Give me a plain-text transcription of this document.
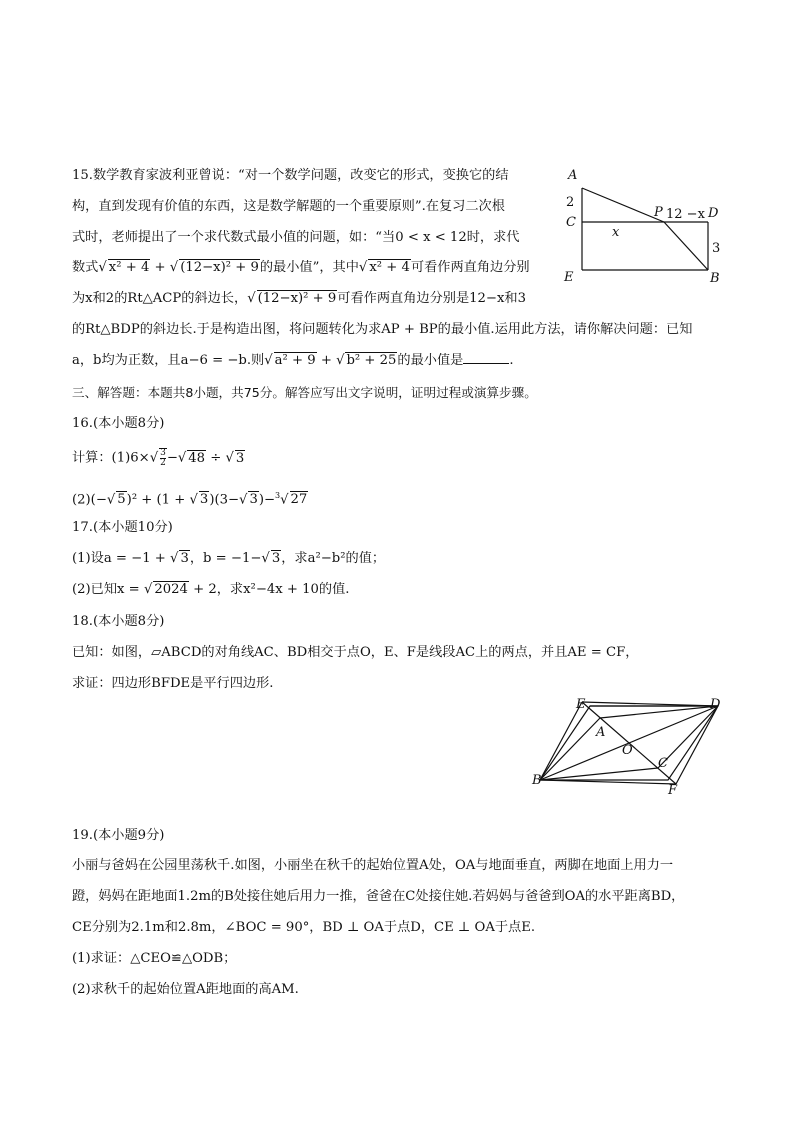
15.数学教育家波利亚曾说：“对一个数学问题，改变它的形式，变换它的结
构，直到发现有价值的东西，这是数学解题的一个重要原则”.在复习二次根
式时，老师提出了一个求代数式最小值的问题，如：“当0 < x < 12时，求代
数式√ x² + 4 + √ (12−x)² + 9的最小值”，其中√ x² + 4可看作两直角边分别
为x和2的Rt△ACP的斜边长，√ (12−x)² + 9可看作两直角边分别是12−x和3
的Rt△BDP的斜边长.于是构造出图，将问题转化为求AP + BP的最小值.运用此方法，请你解决问题：已知
a，b均为正数，且a−6 = −b.则√ a² + 9 + √ b² + 25的最小值是	.
A
2
C
E
P 12 −x D
x
3
B
三、解答题：本题共8小题，共75分。解答应写出文字说明，证明过程或演算步骤。
16.(本小题8分)
计算：$(1)6\times√ \frac{3}{2}$ −√ 48 ÷ √ 3
(2)(−√ 5)² + (1 + √ 3)(3−√ 3)−$^3$√ 27
17.(本小题10分)
(1)设a = −1 + √ 3，b = −1−√ 3，求a²−b²的值；
(2)已知x = √ 2024 + 2，求x²−4x + 10的值.
18.(本小题8分)
已知：如图，▱ABCD的对角线AC、BD相交于点O，E、F是线段AC上的两点，并且AE = CF，
求证：四边形BFDE是平行四边形.
E	D
A
O
C
B
F
19.(本小题9分)
小丽与爸妈在公园里荡秋千.如图，小丽坐在秋千的起始位置A处，OA与地面垂直，两脚在地面上用力一
蹬，妈妈在距地面1.2m的B处接住她后用力一推，爸爸在C处接住她.若妈妈与爸爸到OA的水平距离BD，
CE分别为2.1m和2.8m，∠BOC = 90°，BD ⊥ OA于点D，CE ⊥ OA于点E.
(1)求证：△CEO≌△ODB；
(2)求秋千的起始位置A距地面的高AM.
